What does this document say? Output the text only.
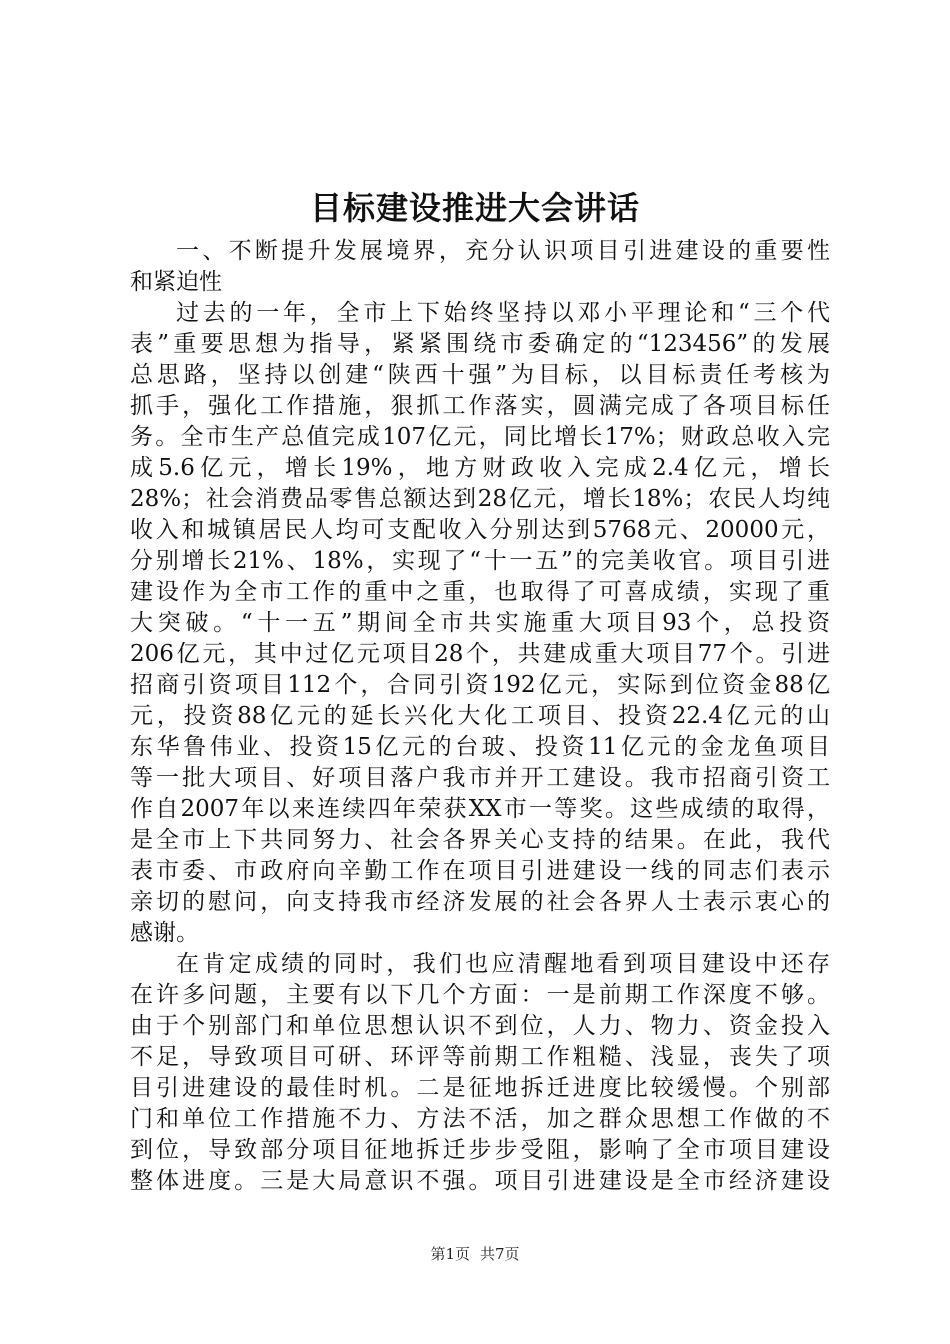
目标建设推进大会讲话
一、不断提升发展境界，充分认识项目引进建设的重要性
和紧迫性
过去的一年，全市上下始终坚持以邓小平理论和“三个代
表”重要思想为指导，紧紧围绕市委确定的“123456”的发展
总思路，坚持以创建“陕西十强”为目标，以目标责任考核为
抓手，强化工作措施，狠抓工作落实，圆满完成了各项目标任
务。全市生产总值完成107亿元，同比增长17%；财政总收入完
成5.6亿元，增长19%，地方财政收入完成2.4亿元，增长
28%；社会消费品零售总额达到28亿元，增长18%；农民人均纯
收入和城镇居民人均可支配收入分别达到5768元、20000元，
分别增长21%、18%，实现了“十一五”的完美收官。项目引进
建设作为全市工作的重中之重，也取得了可喜成绩，实现了重
大突破。“十一五”期间全市共实施重大项目93个，总投资
206亿元，其中过亿元项目28个，共建成重大项目77个。引进
招商引资项目112个，合同引资192亿元，实际到位资金88亿
元，投资88亿元的延长兴化大化工项目、投资22.4亿元的山
东华鲁伟业、投资15亿元的台玻、投资11亿元的金龙鱼项目
等一批大项目、好项目落户我市并开工建设。我市招商引资工
作自2007年以来连续四年荣获XX市一等奖。这些成绩的取得，
是全市上下共同努力、社会各界关心支持的结果。在此，我代
表市委、市政府向辛勤工作在项目引进建设一线的同志们表示
亲切的慰问，向支持我市经济发展的社会各界人士表示衷心的
感谢。
在肯定成绩的同时，我们也应清醒地看到项目建设中还存
在许多问题，主要有以下几个方面：一是前期工作深度不够。
由于个别部门和单位思想认识不到位，人力、物力、资金投入
不足，导致项目可研、环评等前期工作粗糙、浅显，丧失了项
目引进建设的最佳时机。二是征地拆迁进度比较缓慢。个别部
门和单位工作措施不力、方法不活，加之群众思想工作做的不
到位，导致部分项目征地拆迁步步受阻，影响了全市项目建设
整体进度。三是大局意识不强。项目引进建设是全市经济建设
第1页 共7页
